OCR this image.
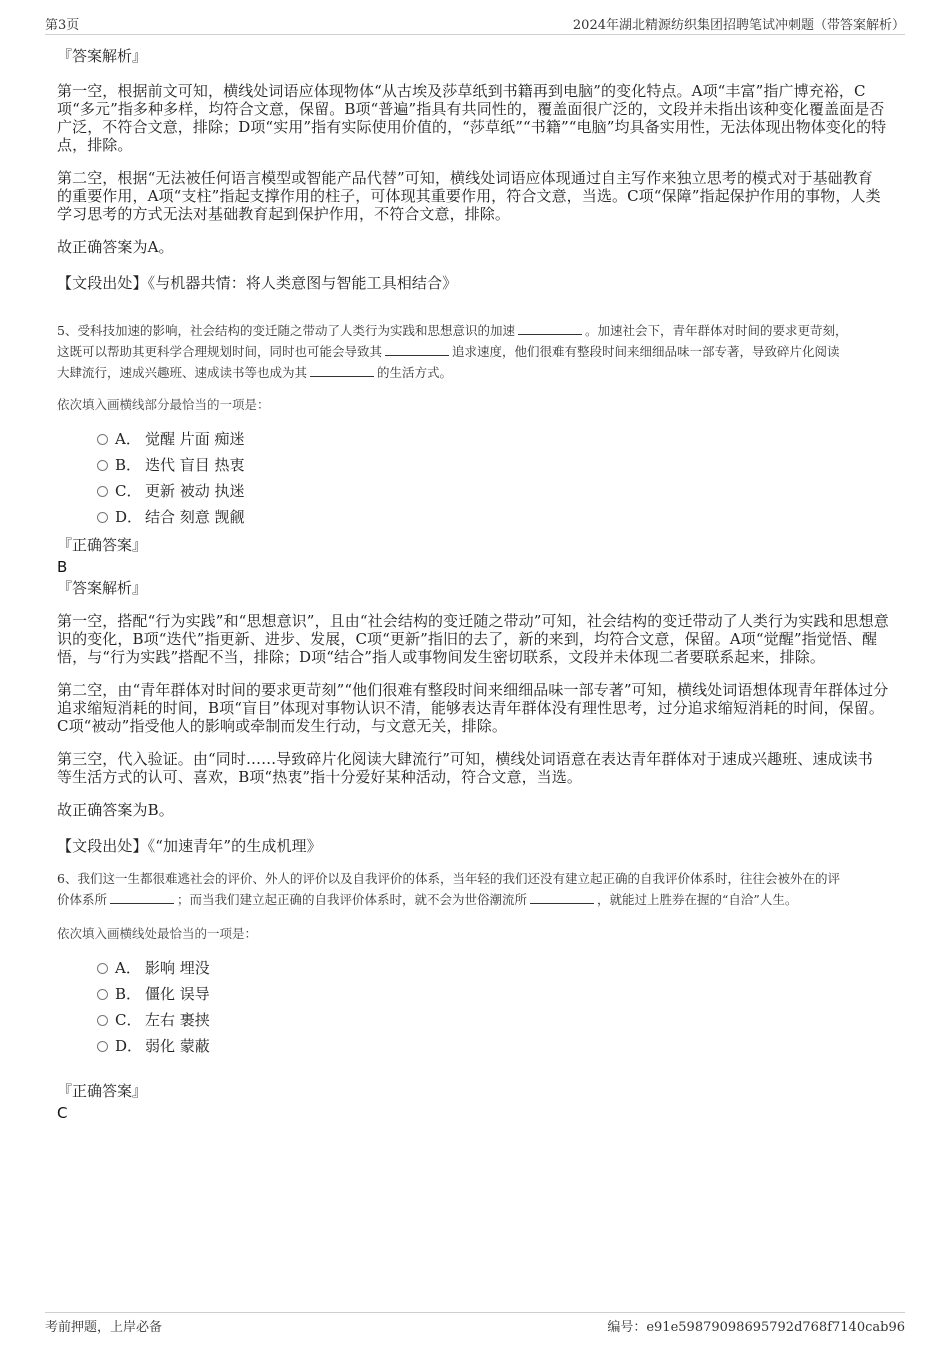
第3页	2024年湖北精源纺织集团招聘笔试冲刺题（带答案解析）
『答案解析』

第一空，根据前文可知，横线处词语应体现物体“从古埃及莎草纸到书籍再到电脑”的变化特点。A项“丰富”指广博充裕，C

项“多元”指多种多样，均符合文意，保留。B项“普遍”指具有共同性的，覆盖面很广泛的，文段并未指出该种变化覆盖面是否

广泛，不符合文意，排除；D项“实用”指有实际使用价值的，“莎草纸”“书籍”“电脑”均具备实用性，无法体现出物体变化的特

点，排除。

第二空，根据“无法被任何语言模型或智能产品代替”可知，横线处词语应体现通过自主写作来独立思考的模式对于基础教育

的重要作用，A项“支柱”指起支撑作用的柱子，可体现其重要作用，符合文意，当选。C项“保障”指起保护作用的事物，人类

学习思考的方式无法对基础教育起到保护作用，不符合文意，排除。

故正确答案为A。

【文段出处】《与机器共情：将人类意图与智能工具相结合》

5、受科技加速的影响，社会结构的变迁随之带动了人类行为实践和思想意识的加速	。加速社会下，青年群体对时间的要求更苛刻，

这既可以帮助其更科学合理规划时间，同时也可能会导致其	追求速度，他们很难有整段时间来细细品味一部专著，导致碎片化阅读

大肆流行，速成兴趣班、速成读书等也成为其	的生活方式。

依次填入画横线部分最恰当的一项是：

A． 觉醒 片面 痴迷
B． 迭代 盲目 热衷
C． 更新 被动 执迷
D． 结合 刻意 觊觎
『正确答案』
B
『答案解析』

第一空，搭配“行为实践”和“思想意识”，且由“社会结构的变迁随之带动”可知，社会结构的变迁带动了人类行为实践和思想意

识的变化，B项“迭代”指更新、进步、发展，C项“更新”指旧的去了，新的来到，均符合文意，保留。A项“觉醒”指觉悟、醒

悟，与“行为实践”搭配不当，排除；D项“结合”指人或事物间发生密切联系，文段并未体现二者要联系起来，排除。

第二空，由“青年群体对时间的要求更苛刻”“他们很难有整段时间来细细品味一部专著”可知，横线处词语想体现青年群体过分

追求缩短消耗的时间，B项“盲目”体现对事物认识不清，能够表达青年群体没有理性思考，过分追求缩短消耗的时间，保留。

C项“被动”指受他人的影响或牵制而发生行动，与文意无关，排除。

第三空，代入验证。由“同时……导致碎片化阅读大肆流行”可知，横线处词语意在表达青年群体对于速成兴趣班、速成读书

等生活方式的认可、喜欢，B项“热衷”指十分爱好某种活动，符合文意，当选。

故正确答案为B。

【文段出处】《“加速青年”的生成机理》

6、我们这一生都很难逃社会的评价、外人的评价以及自我评价的体系，当年轻的我们还没有建立起正确的自我评价体系时，往往会被外在的评

价体系所	；而当我们建立起正确的自我评价体系时，就不会为世俗潮流所	，就能过上胜券在握的“自洽”人生。

依次填入画横线处最恰当的一项是：

A． 影响 埋没
B． 僵化 误导
C． 左右 裹挟
D． 弱化 蒙蔽
『正确答案』
C
考前押题，上岸必备	编号：e91e59879098695792d768f7140cab96
